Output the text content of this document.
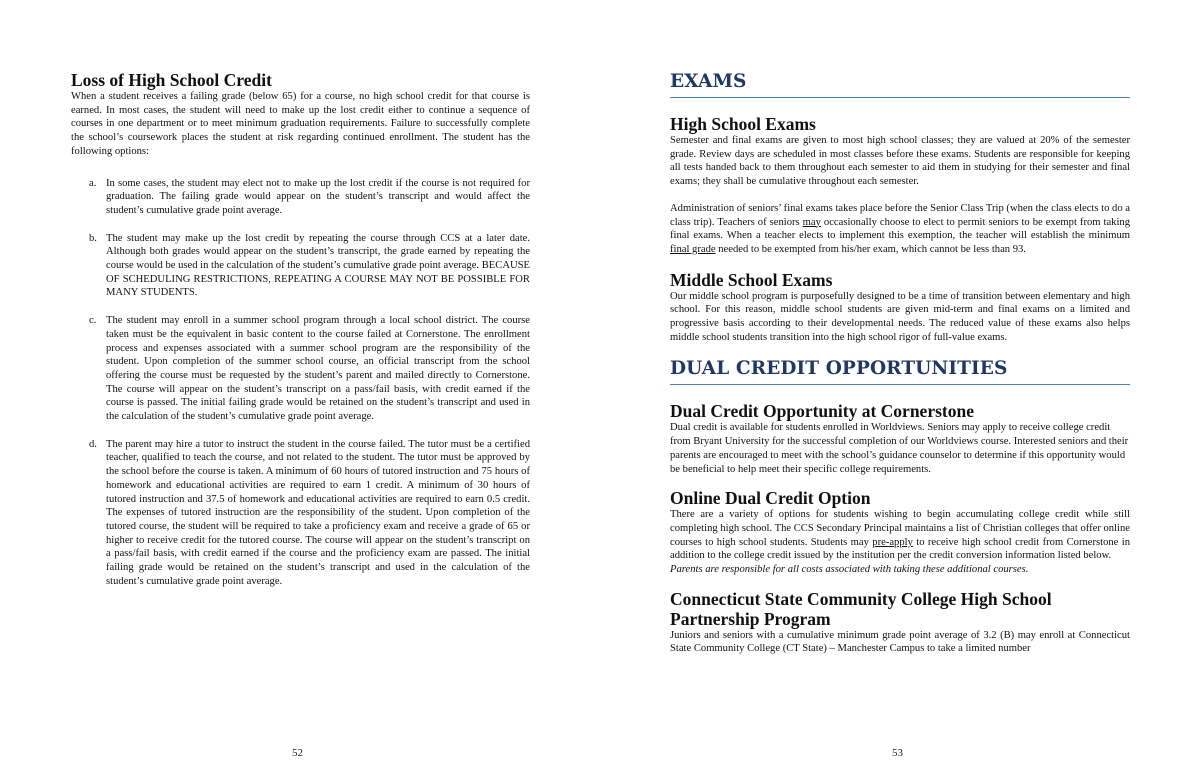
Loss of High School Credit

When a student receives a failing grade (below 65) for a course, no high school credit for that course is earned. In most cases, the student will need to make up the lost credit either to continue a sequence of courses in one department or to meet minimum graduation requirements. Failure to successfully complete the school’s coursework places the student at risk regarding continued enrollment. The student has the following options:

a. In some cases, the student may elect not to make up the lost credit if the course is not required for graduation. The failing grade would appear on the student’s transcript and would affect the student’s cumulative grade point average.

b. The student may make up the lost credit by repeating the course through CCS at a later date. Although both grades would appear on the student’s transcript, the grade earned by repeating the course would be used in the calculation of the student’s cumulative grade point average. BECAUSE OF SCHEDULING RESTRICTIONS, REPEATING A COURSE MAY NOT BE POSSIBLE FOR MANY STUDENTS.

c. The student may enroll in a summer school program through a local school district. The course taken must be the equivalent in basic content to the course failed at Cornerstone. The enrollment process and expenses associated with a summer school program are the responsibility of the student. Upon completion of the summer school course, an official transcript from the school offering the course must be requested by the student’s parent and mailed directly to Cornerstone. The course will appear on the student’s transcript on a pass/fail basis, with credit earned if the course is passed. The initial failing grade would be retained on the student’s transcript and used in the calculation of the student’s cumulative grade point average.

d. The parent may hire a tutor to instruct the student in the course failed. The tutor must be a certified teacher, qualified to teach the course, and not related to the student. The tutor must be approved by the school before the course is taken. A minimum of 60 hours of tutored instruction and 75 hours of homework and educational activities are required to earn 1 credit. A minimum of 30 hours of tutored instruction and 37.5 of homework and educational activities are required to earn 0.5 credit. The expenses of tutored instruction are the responsibility of the student. Upon completion of the tutored course, the student will be required to take a proficiency exam and receive a grade of 65 or higher to receive credit for the tutored course. The course will appear on the student’s transcript on a pass/fail basis, with credit earned if the course and the proficiency exam are passed. The initial failing grade would be retained on the student’s transcript and used in the calculation of the student’s cumulative grade point average.

52
EXAMS
High School Exams

Semester and final exams are given to most high school classes; they are valued at 20% of the semester grade. Review days are scheduled in most classes before these exams. Students are responsible for keeping all tests handed back to them throughout each semester to aid them in studying for their semester and final exams; they shall be cumulative throughout each semester.

Administration of seniors’ final exams takes place before the Senior Class Trip (when the class elects to do a class trip). Teachers of seniors may occasionally choose to elect to permit seniors to be exempt from taking final exams. When a teacher elects to implement this exemption, the teacher will establish the minimum final grade needed to be exempted from his/her exam, which cannot be less than 93.

Middle School Exams

Our middle school program is purposefully designed to be a time of transition between elementary and high school. For this reason, middle school students are given mid-term and final exams on a limited and progressive basis according to their developmental needs. The reduced value of these exams also helps middle school students transition into the high school rigor of full-value exams.

DUAL CREDIT OPPORTUNITIES
Dual Credit Opportunity at Cornerstone

Dual credit is available for students enrolled in Worldviews. Seniors may apply to receive college credit from Bryant University for the successful completion of our Worldviews course. Interested seniors and their parents are encouraged to meet with the school’s guidance counselor to determine if this opportunity would be beneficial to help meet their specific college requirements.

Online Dual Credit Option

There are a variety of options for students wishing to begin accumulating college credit while still completing high school. The CCS Secondary Principal maintains a list of Christian colleges that offer online courses to high school students. Students may pre-apply to receive high school credit from Cornerstone in addition to the college credit issued by the institution per the credit conversion information listed below.

Parents are responsible for all costs associated with taking these additional courses.

Connecticut State Community College High School Partnership Program

Juniors and seniors with a cumulative minimum grade point average of 3.2 (B) may enroll at Connecticut State Community College (CT State) – Manchester Campus to take a limited number

53
